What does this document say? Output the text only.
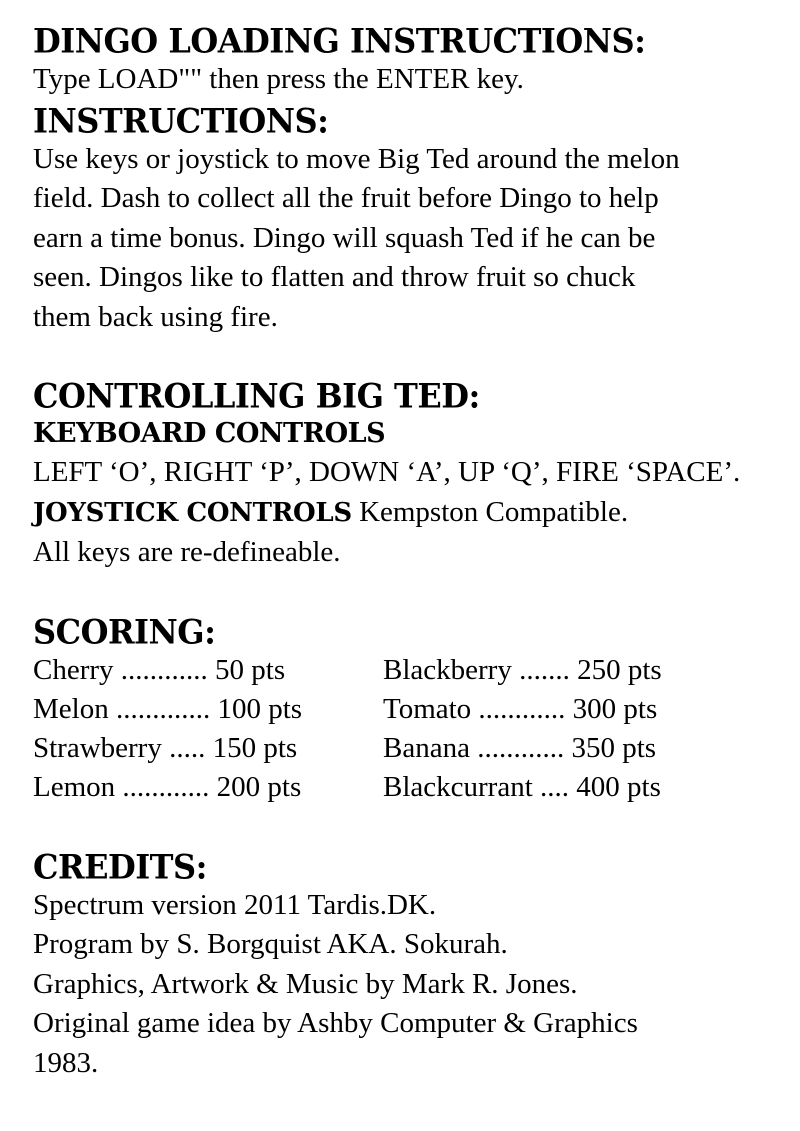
DINGO LOADING INSTRUCTIONS:
Type LOAD"" then press the ENTER key.
INSTRUCTIONS:
Use keys or joystick to move Big Ted around the melon
field. Dash to collect all the fruit before Dingo to help
earn a time bonus. Dingo will squash Ted if he can be
seen. Dingos like to flatten and throw fruit so chuck
them back using fire.
CONTROLLING BIG TED:
KEYBOARD CONTROLS
LEFT ‘O’, RIGHT ‘P’, DOWN ‘A’, UP ‘Q’, FIRE ‘SPACE’.
JOYSTICK CONTROLS Kempston Compatible.
All keys are re-defineable.
SCORING:
Cherry ............ 50 pts	Blackberry ....... 250 pts
Melon ............. 100 pts	Tomato ............ 300 pts
Strawberry ..... 150 pts	Banana ............ 350 pts
Lemon ............ 200 pts	Blackcurrant .... 400 pts
CREDITS:
Spectrum version 2011 Tardis.DK.
Program by S. Borgquist AKA. Sokurah.
Graphics, Artwork & Music by Mark R. Jones.
Original game idea by Ashby Computer & Graphics
1983.
